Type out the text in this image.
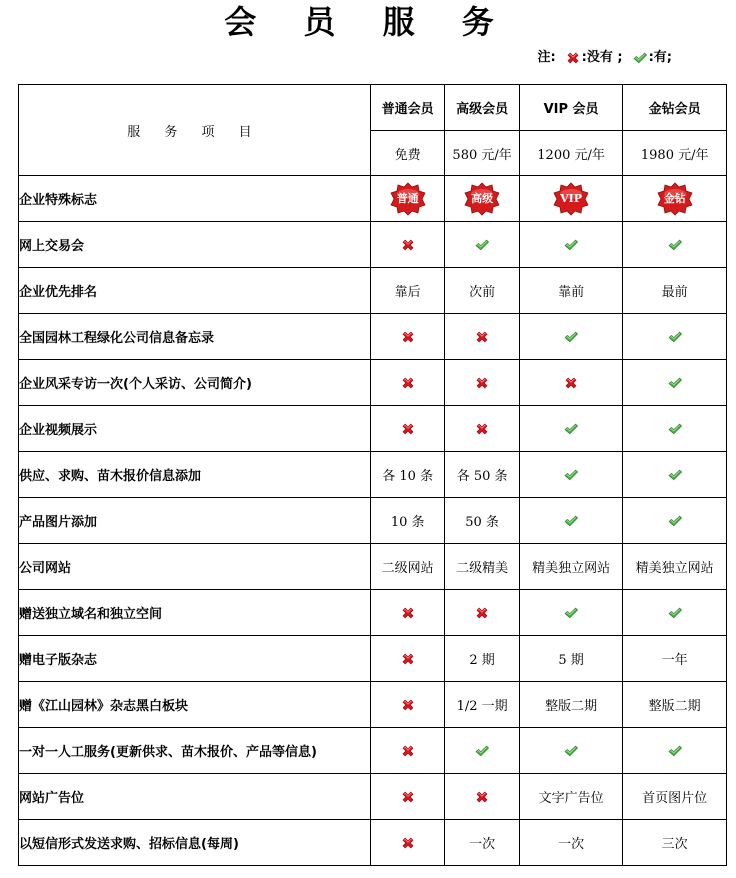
会 员 服 务
注: :没有 ; :有;
服 务 项 目	普通会员	高级会员	VIP 会员	金钻会员
	免费	580 元/年	1200 元/年	1980 元/年
企业特殊标志	普通	高级	VIP	金钻

网上交易会				
企业优先排名	靠后	次前	靠前	最前
全国园林工程绿化公司信息备忘录				
企业风采专访一次(个人采访、公司简介)				
企业视频展示				
供应、求购、苗木报价信息添加	各 10 条	各 50 条		
产品图片添加	10 条	50 条		
公司网站	二级网站	二级精美	精美独立网站	精美独立网站
赠送独立域名和独立空间				
赠电子版杂志		2 期	5 期	一年
赠《江山园林》杂志黑白板块		1/2 一期	整版二期	整版二期
一对一人工服务(更新供求、苗木报价、产品等信息)				
网站广告位			文字广告位	首页图片位
以短信形式发送求购、招标信息(每周)		一次	一次	三次
